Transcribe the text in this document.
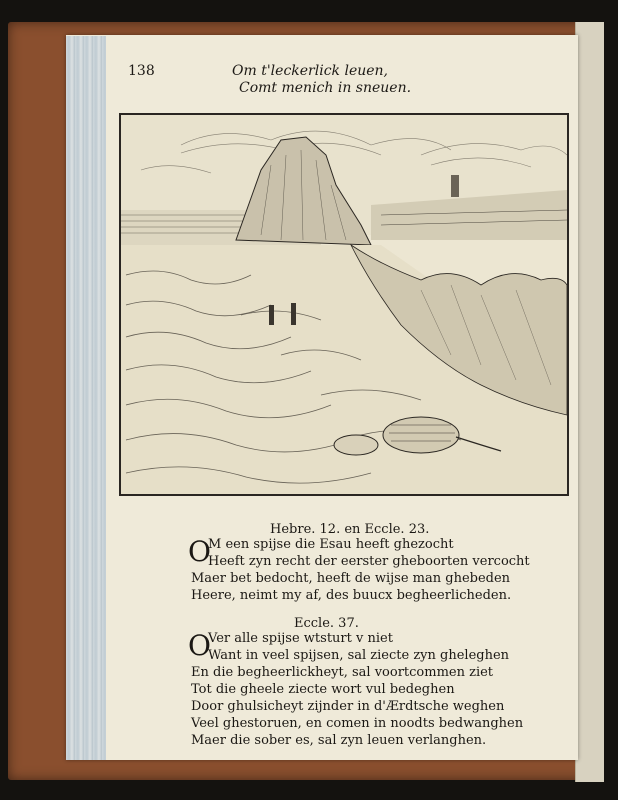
138	Om t'leckerlick leuen,
Comt menich in sneuen.
Hebre. 12. en Eccle. 23.
O
M een spijse die Esau heeft ghezocht
Heeft zyn recht der eerster gheboorten vercocht
Maer bet bedocht, heeft de wijse man ghebeden
Heere, neimt my af, des buucx begheerlicheden.
Eccle. 37.
O
Ver alle spijse wtsturt v niet
Want in veel spijsen, sal ziecte zyn gheleghen
En die begheerlickheyt, sal voortcommen ziet
Tot die gheele ziecte wort vul bedeghen
Door ghulsicheyt zijnder in d'Ærdtsche weghen
Veel ghestoruen, en comen in noodts bedwanghen
Maer die sober es, sal zyn leuen verlanghen.
